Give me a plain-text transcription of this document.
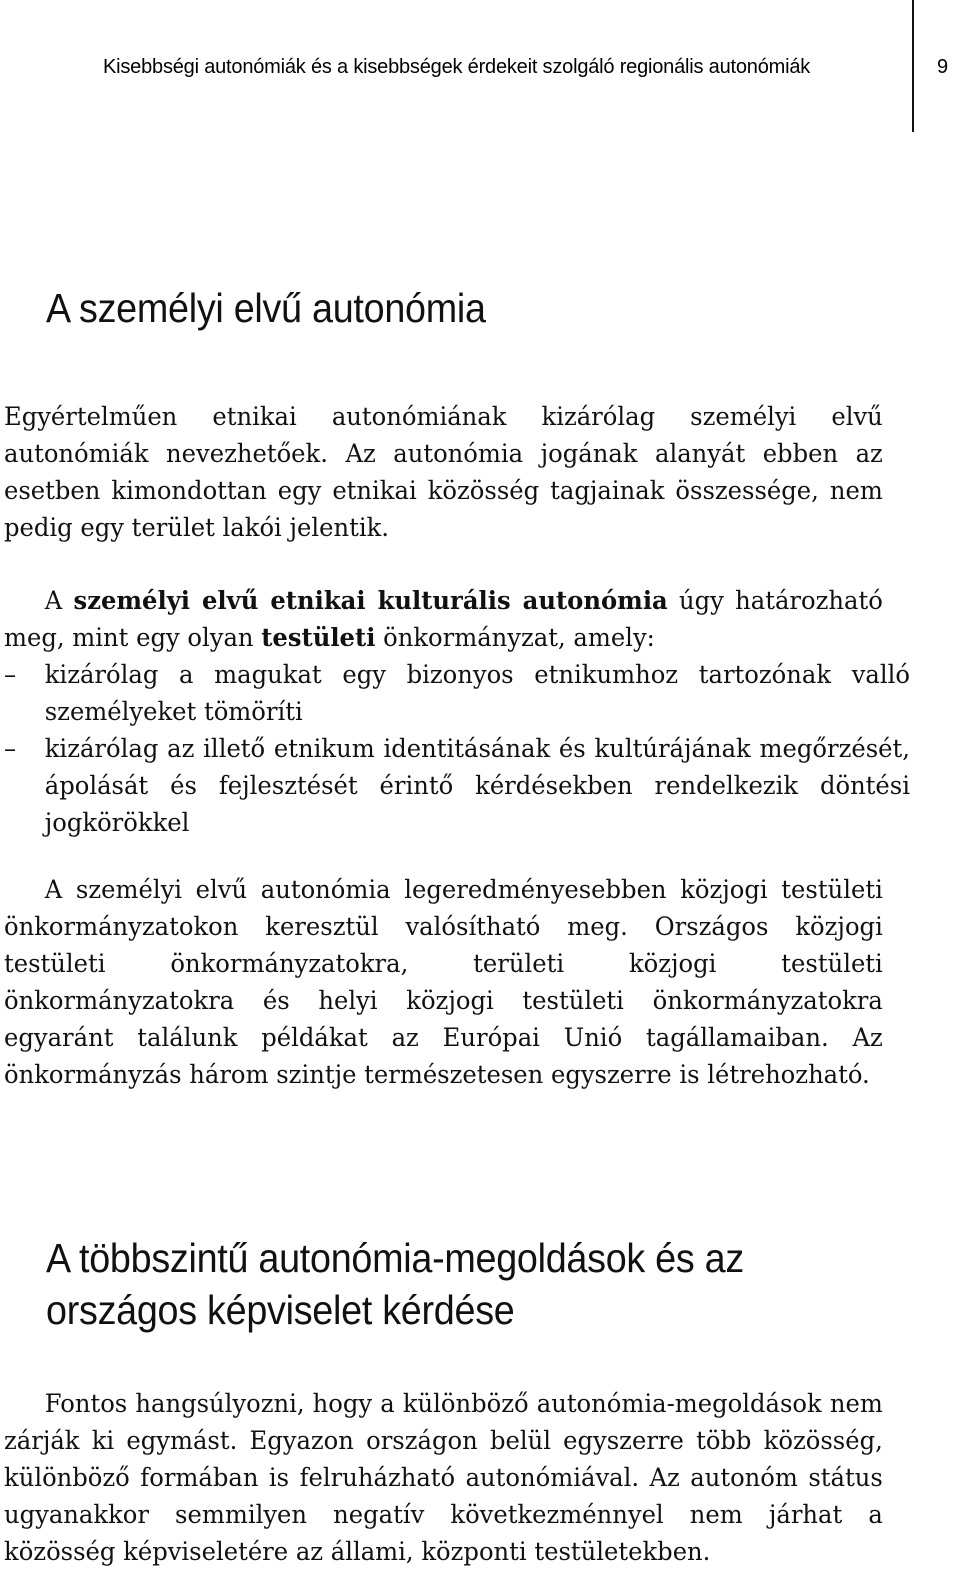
Kisebbségi autonómiák és a kisebbségek érdekeit szolgáló regionális autonómiák	9
A személyi elvű autonómia

Egyértelműen etnikai autonómiának kizárólag személyi elvű autonómiák nevezhetőek. Az autonómia jogának alanyát ebben az esetben kimondottan egy etnikai közösség tagjainak összessége, nem pedig egy terület lakói jelentik.

A személyi elvű etnikai kulturális autonómia úgy határozható meg, mint egy olyan testületi önkormányzat, amely:

– kizárólag a magukat egy bizonyos etnikumhoz tartozónak valló személyeket tömöríti
– kizárólag az illető etnikum identitásának és kultúrájának megőrzését, ápolását és fejlesztését érintő kérdésekben rendelkezik döntési jogkörökkel

A személyi elvű autonómia legeredményesebben közjogi testületi önkormányzatokon keresztül valósítható meg. Országos közjogi testületi önkormányzatokra, területi közjogi testületi önkormányzatokra és helyi közjogi testületi önkormányzatokra egyaránt találunk példákat az Európai Unió tagállamaiban. Az önkormányzás három szintje természetesen egyszerre is létrehozható.

A többszintű autonómia-megoldások és az országos képviselet kérdése

Fontos hangsúlyozni, hogy a különböző autonómia-megoldások nem zárják ki egymást. Egyazon országon belül egyszerre több közösség, különböző formában is felruházható autonómiával. Az autonóm státus ugyanakkor semmilyen negatív következménnyel nem járhat a közösség képviseletére az állami, központi testületekben.
